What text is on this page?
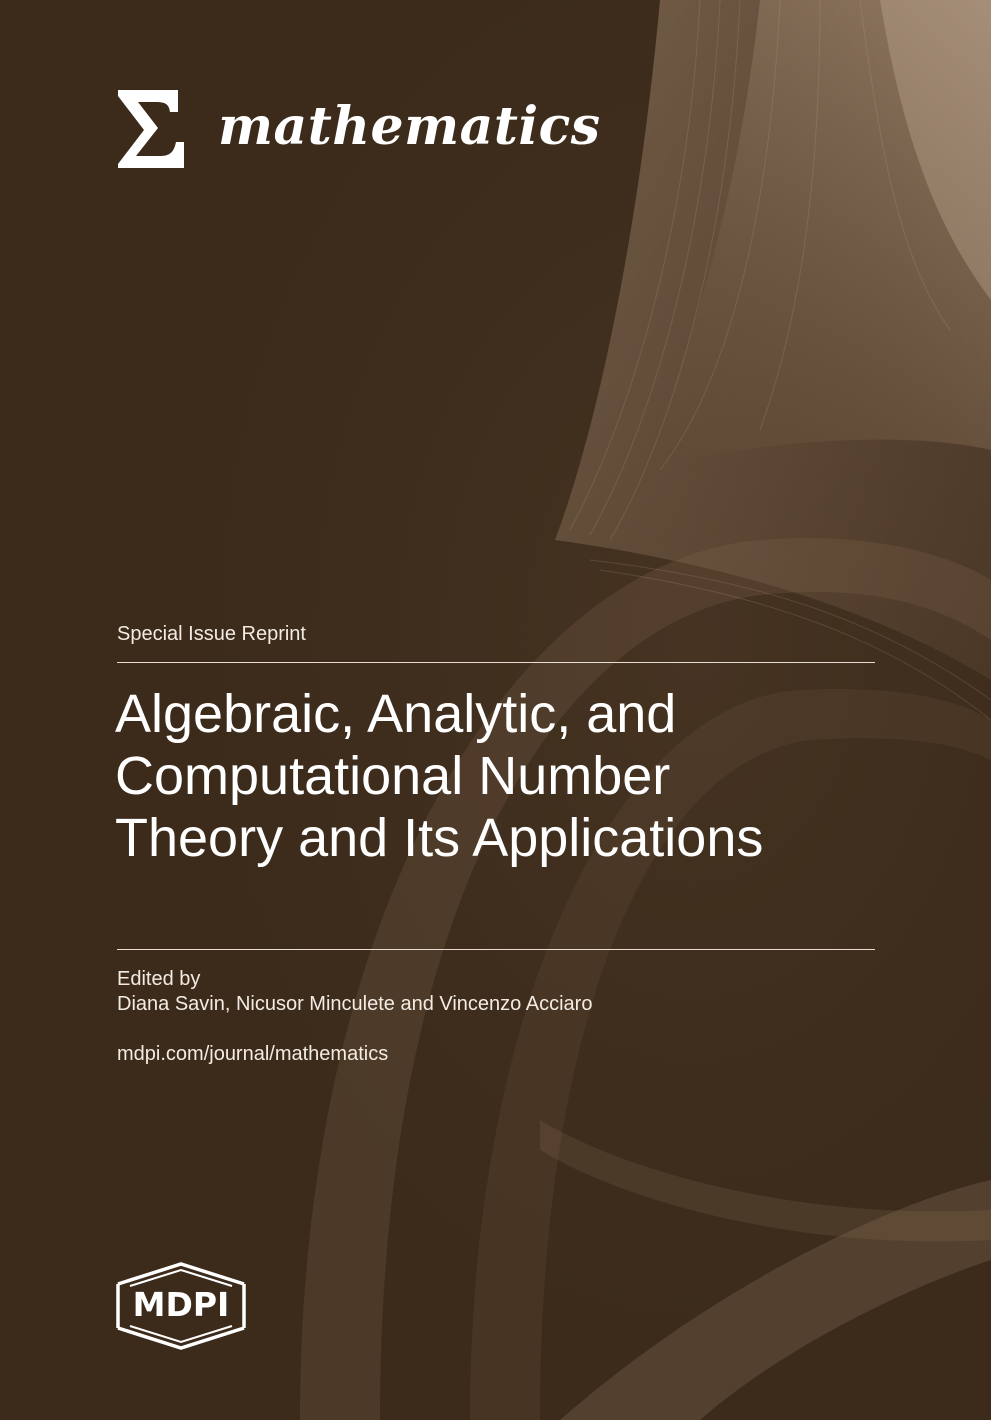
mathematics
Special Issue Reprint
Algebraic, Analytic, and
Computational Number
Theory and Its Applications
Edited by
Diana Savin, Nicusor Minculete and Vincenzo Acciaro
mdpi.com/journal/mathematics
MDPI
